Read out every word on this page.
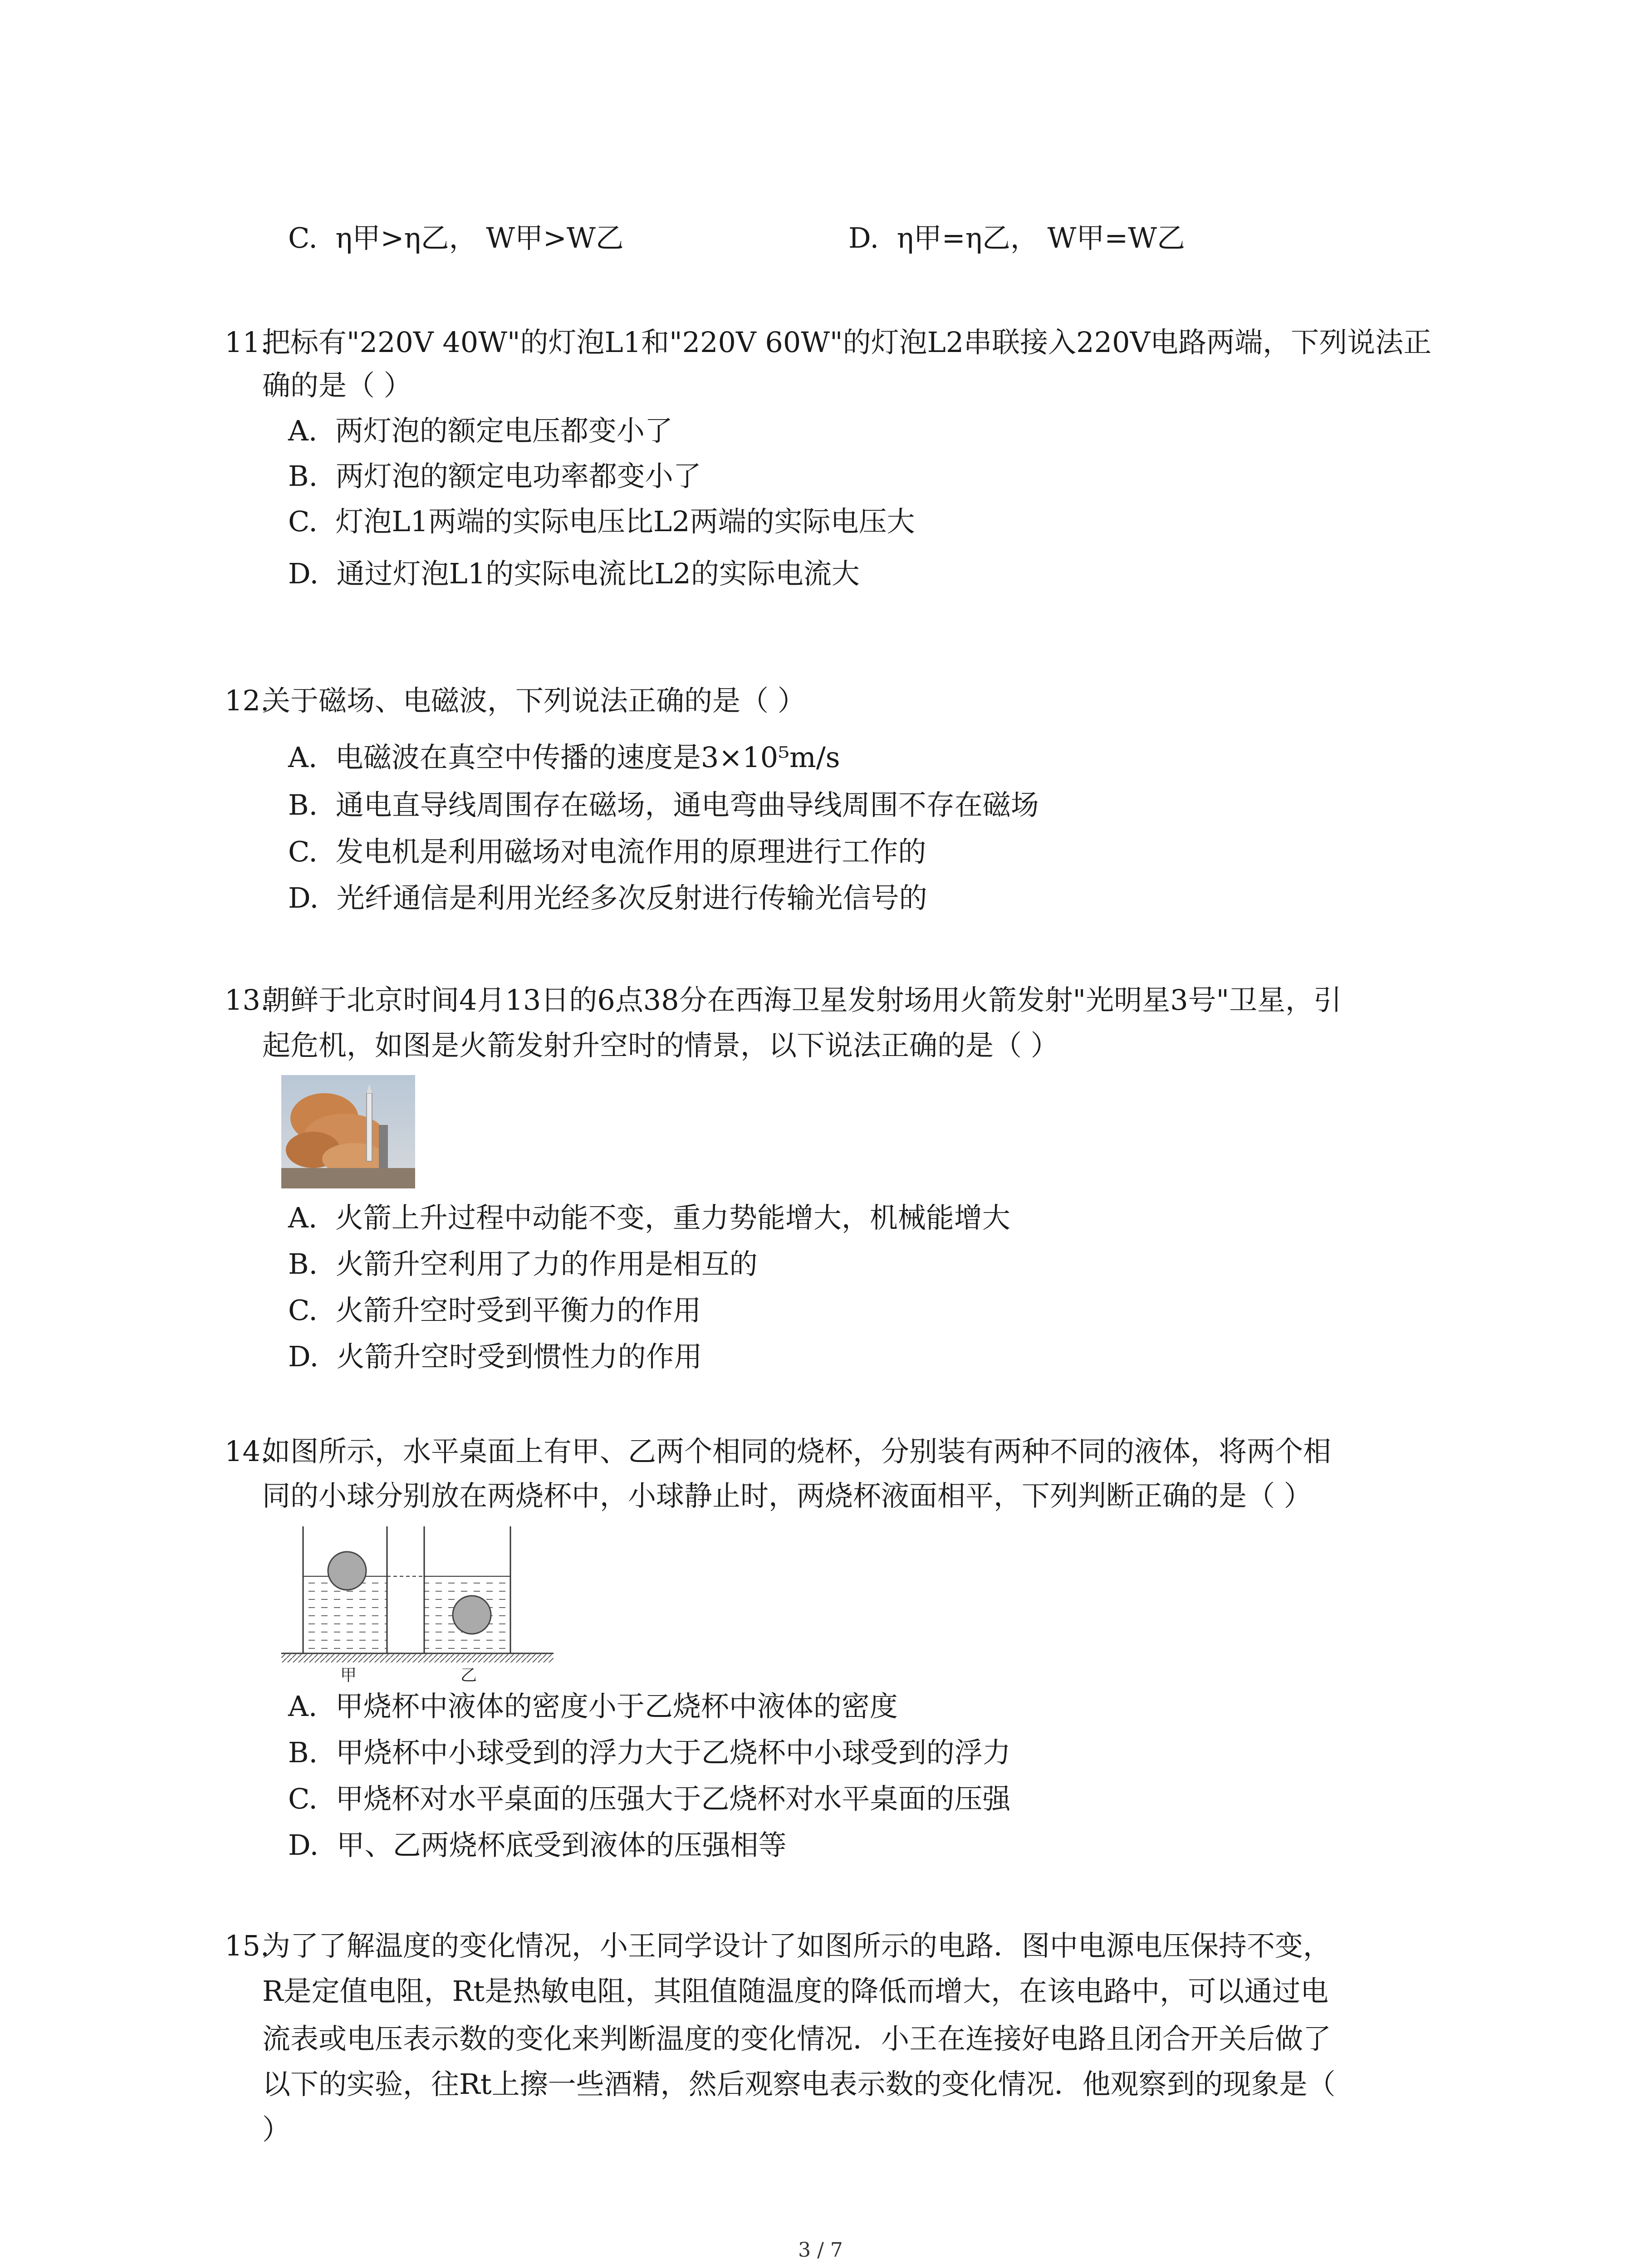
C. η甲>η乙， W甲>W乙	D. η甲=η乙， W甲=W乙
11.
把标有"220V 40W"的灯泡L1和"220V 60W"的灯泡L2串联接入220V电路两端，下列说法正
确的是（ ）
A. 两灯泡的额定电压都变小了
B. 两灯泡的额定电功率都变小了
C. 灯泡L1两端的实际电压比L2两端的实际电压大
D. 通过灯泡L1的实际电流比L2的实际电流大
12.
关于磁场、电磁波，下列说法正确的是（ ）
A. 电磁波在真空中传播的速度是3×10⁵m/s
B. 通电直导线周围存在磁场，通电弯曲导线周围不存在磁场
C. 发电机是利用磁场对电流作用的原理进行工作的
D. 光纤通信是利用光经多次反射进行传输光信号的
13.
朝鲜于北京时间4月13日的6点38分在西海卫星发射场用火箭发射"光明星3号"卫星，引
起危机，如图是火箭发射升空时的情景，以下说法正确的是（ ）
A. 火箭上升过程中动能不变，重力势能增大，机械能增大
B. 火箭升空利用了力的作用是相互的
C. 火箭升空时受到平衡力的作用
D. 火箭升空时受到惯性力的作用
14.
如图所示，水平桌面上有甲、乙两个相同的烧杯，分别装有两种不同的液体，将两个相
同的小球分别放在两烧杯中，小球静止时，两烧杯液面相平，下列判断正确的是（ ）
甲	乙
A. 甲烧杯中液体的密度小于乙烧杯中液体的密度
B. 甲烧杯中小球受到的浮力大于乙烧杯中小球受到的浮力
C. 甲烧杯对水平桌面的压强大于乙烧杯对水平桌面的压强
D. 甲、乙两烧杯底受到液体的压强相等
15.
为了了解温度的变化情况，小王同学设计了如图所示的电路．图中电源电压保持不变，
R是定值电阻，Rt是热敏电阻，其阻值随温度的降低而增大，在该电路中，可以通过电
流表或电压表示数的变化来判断温度的变化情况．小王在连接好电路且闭合开关后做了
以下的实验，往Rt上擦一些酒精，然后观察电表示数的变化情况．他观察到的现象是（
）
3 / 7
